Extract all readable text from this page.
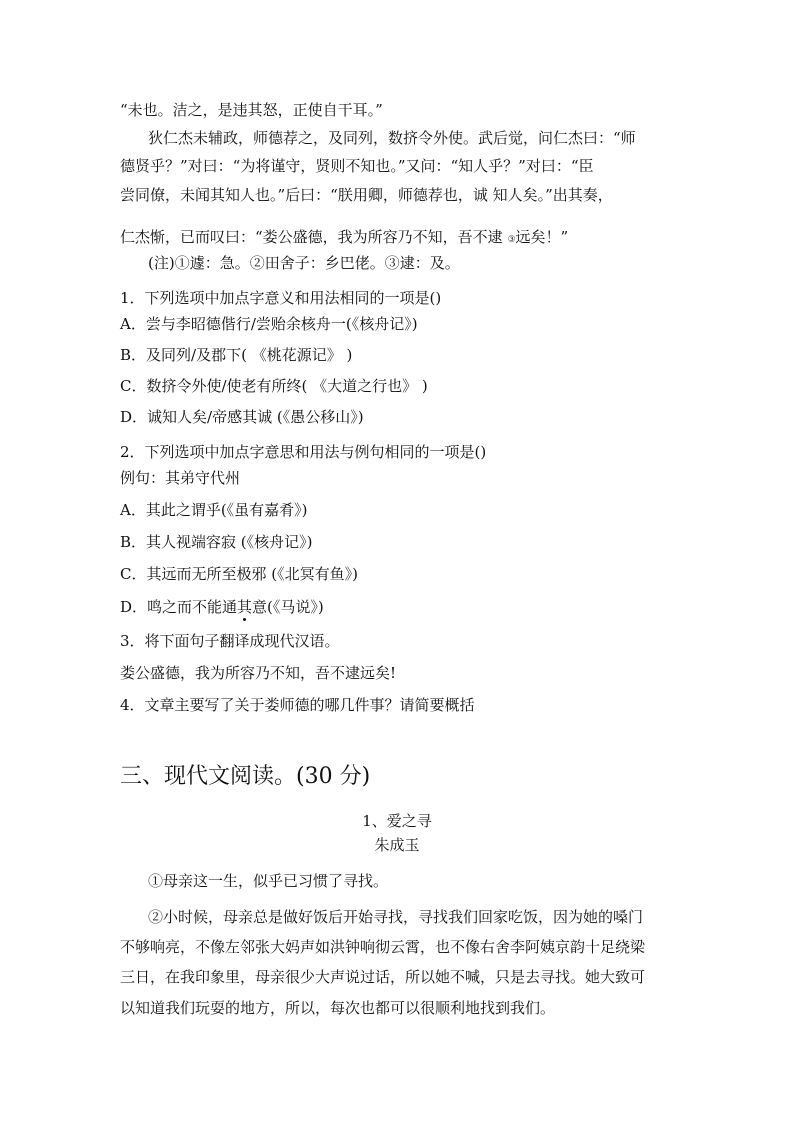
“未也。洁之，是违其怒，正使自干耳。”
狄仁杰未辅政，师德荐之，及同列，数挤令外使。武后觉，问仁杰曰：“师
德贤乎？”对曰：“为将谨守，贤则不知也。”又问：“知人乎？”对曰：“臣
尝同僚，未闻其知人也。”后曰：“朕用卿，师德荐也，诚 知人矣。”出其奏，
仁杰惭，已而叹曰：“娄公盛德，我为所容乃不知，吾不逮 ③远矣！”
(注)①遽：急。②田舍子：乡巴佬。③逮：及。
1．下列选项中加点字意义和用法相同的一项是()
A．尝与李昭德偕行/尝贻余核舟一(《核舟记》)
B．及同列/及郡下( 《桃花源记》 )
C．数挤令外使/使老有所终( 《大道之行也》 )
D．诚知人矣/帝感其诚 (《愚公移山》)
2．下列选项中加点字意思和用法与例句相同的一项是()
例句：其弟守代州
A．其此之谓乎(《虽有嘉肴》)
B．其人视端容寂 (《核舟记》)
C．其远而无所至极邪 (《北冥有鱼》)
D．鸣之而不能通其意(《马说》)
3．将下面句子翻译成现代汉语。
娄公盛德，我为所容乃不知，吾不逮远矣!
4．文章主要写了关于娄师德的哪几件事？请简要概括
三、现代文阅读。(30 分)
1、爱之寻
朱成玉
①母亲这一生，似乎已习惯了寻找。
②小时候，母亲总是做好饭后开始寻找，寻找我们回家吃饭，因为她的嗓门
不够响亮，不像左邻张大妈声如洪钟响彻云霄，也不像右舍李阿姨京韵十足绕梁
三日，在我印象里，母亲很少大声说过话，所以她不喊，只是去寻找。她大致可
以知道我们玩耍的地方，所以，每次也都可以很顺利地找到我们。
